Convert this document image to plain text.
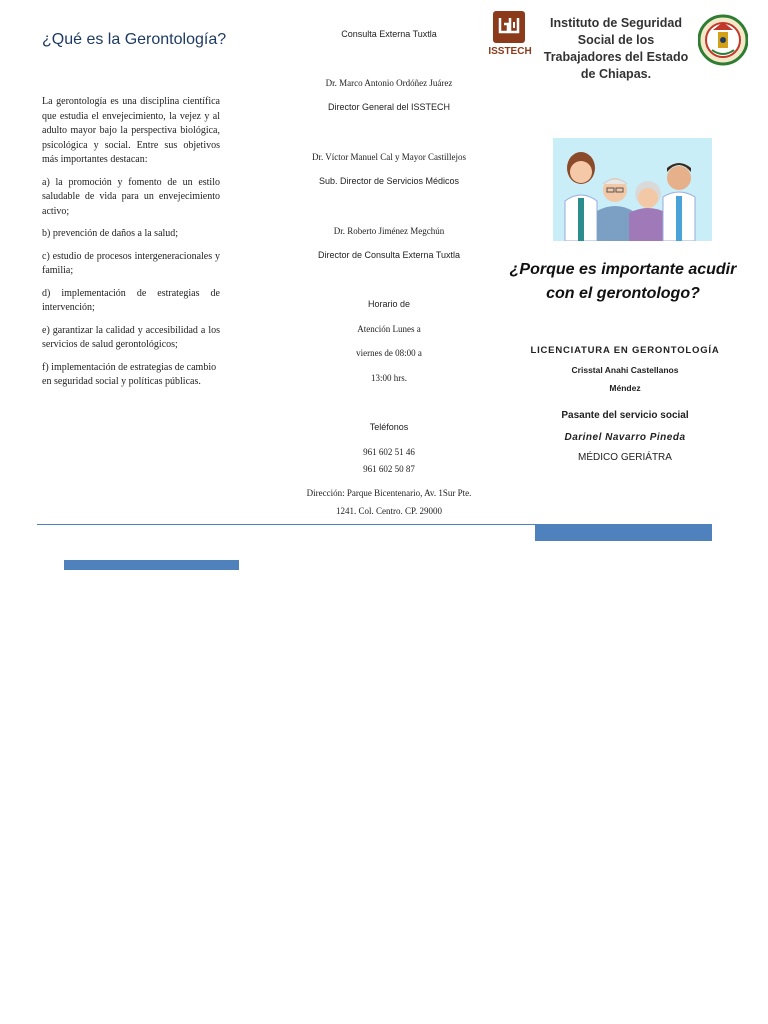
¿Qué es la Gerontología?

La gerontología es una disciplina científica que estudia el envejecimiento, la vejez y al adulto mayor bajo la perspectiva biológica, psicológica y social. Entre sus objetivos más importantes destacan:

a) la promoción y fomento de un estilo saludable de vida para un envejecimiento activo;

b) prevención de daños a la salud;

c) estudio de procesos intergeneracionales y familia;

d) implementación de estrategias de intervención;

e) garantizar la calidad y accesibilidad a los servicios de salud gerontológicos;

f) implementación de estrategias de cambio en seguridad social y políticas públicas.

Consulta Externa Tuxtla
Dr. Marco Antonio Ordóñez Juárez
Director General del ISSTECH
Dr. Víctor Manuel Cal y Mayor Castillejos
Sub. Director de Servicios Médicos
Dr. Roberto Jiménez Megchún
Director de Consulta Externa Tuxtla
Horario de
Atención Lunes a
viernes de 08:00 a
13:00 hrs.
Teléfonos
961 602 51 46
961 602 50 87
Dirección: Parque Bicentenario, Av. 1Sur Pte.
1241. Col. Centro. CP. 29000
ISSTECH
Instituto de Seguridad Social de los Trabajadores del Estado de Chiapas.
¿Porque es importante acudir con el gerontologo?
LICENCIATURA EN GERONTOLOGÍA
Crisstal Anahi Castellanos
Méndez
Pasante del servicio social
Darinel Navarro Pineda
MÉDICO GERIÁTRA
